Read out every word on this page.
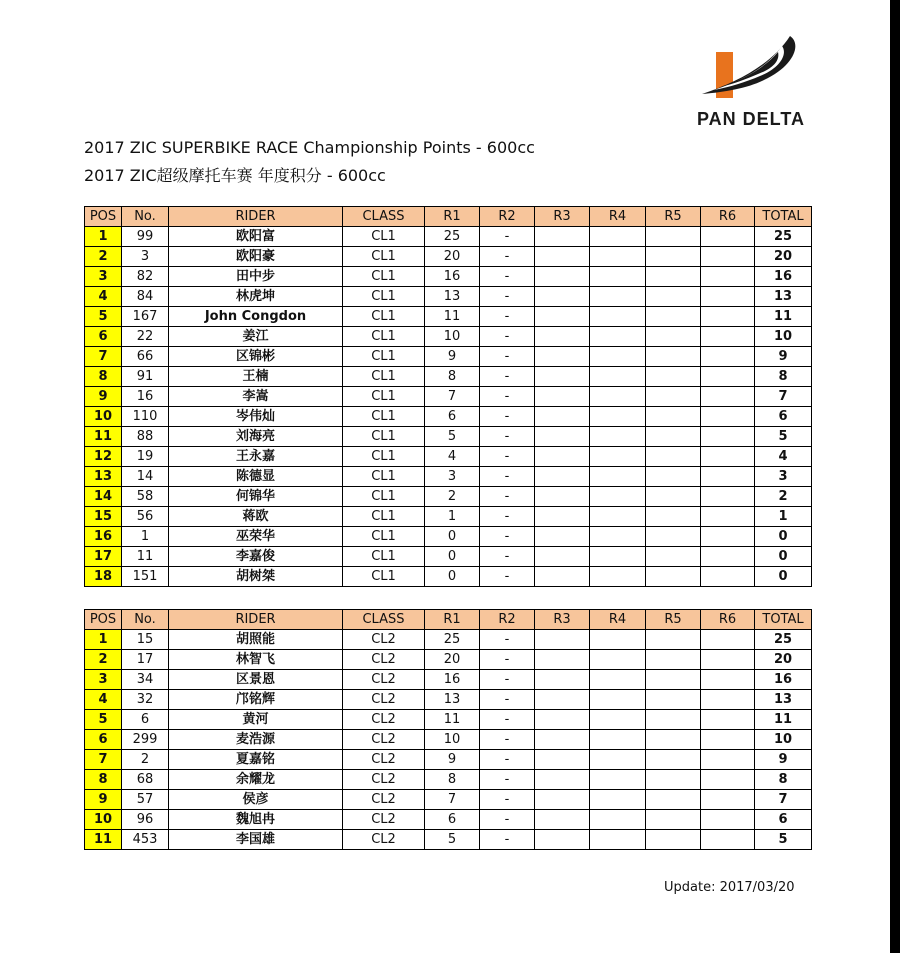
PAN DELTA
2017 ZIC SUPERBIKE RACE Championship Points - 600cc
2017 ZIC超级摩托车赛 年度积分 - 600cc
POS	No.	RIDER	CLASS	R1	R2	R3	R4	R5	R6	TOTAL
1	99	欧阳富	CL1	25	-					25
2	3	欧阳豪	CL1	20	-					20
3	82	田中步	CL1	16	-					16
4	84	林虎坤	CL1	13	-					13
5	167	John Congdon	CL1	11	-					11
6	22	姜江	CL1	10	-					10
7	66	区锦彬	CL1	9	-					9
8	91	王楠	CL1	8	-					8
9	16	李嵩	CL1	7	-					7
10	110	岑伟灿	CL1	6	-					6
11	88	刘海亮	CL1	5	-					5
12	19	王永嘉	CL1	4	-					4
13	14	陈德显	CL1	3	-					3
14	58	何锦华	CL1	2	-					2
15	56	蒋欧	CL1	1	-					1
16	1	巫荣华	CL1	0	-					0
17	11	李嘉俊	CL1	0	-					0
18	151	胡树桀	CL1	0	-					0
POS	No.	RIDER	CLASS	R1	R2	R3	R4	R5	R6	TOTAL
1	15	胡照能	CL2	25	-					25
2	17	林智飞	CL2	20	-					20
3	34	区景恩	CL2	16	-					16
4	32	邝铭辉	CL2	13	-					13
5	6	黄河	CL2	11	-					11
6	299	麦浩源	CL2	10	-					10
7	2	夏嘉铭	CL2	9	-					9
8	68	余耀龙	CL2	8	-					8
9	57	侯彦	CL2	7	-					7
10	96	魏旭冉	CL2	6	-					6
11	453	李国雄	CL2	5	-					5
Update: 2017/03/20
